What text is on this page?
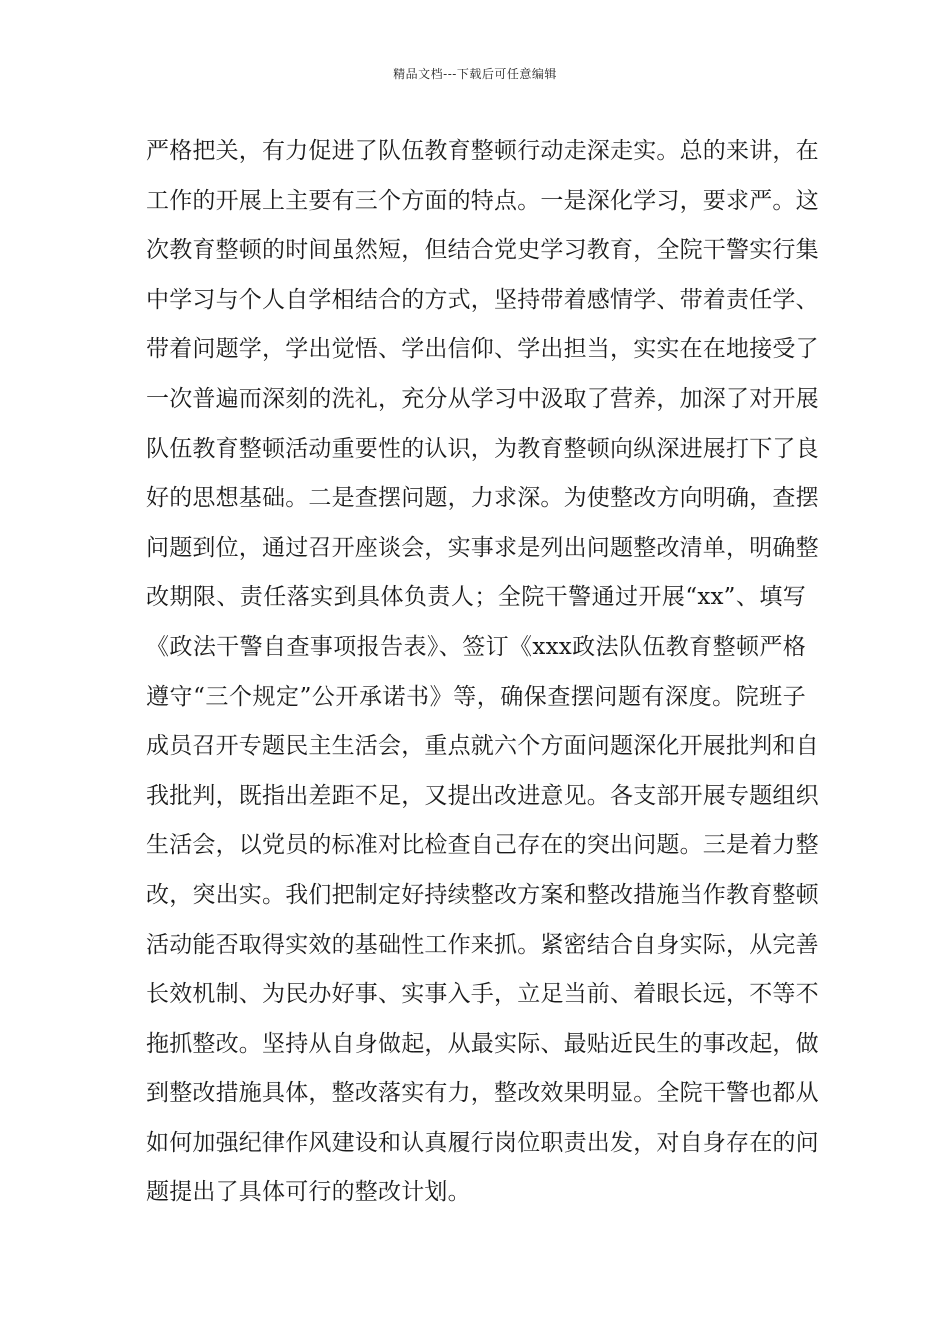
精品文档---下载后可任意编辑
严格把关，有力促进了队伍教育整顿行动走深走实。总的来讲，在
工作的开展上主要有三个方面的特点。一是深化学习，要求严。这
次教育整顿的时间虽然短，但结合党史学习教育，全院干警实行集
中学习与个人自学相结合的方式，坚持带着感情学、带着责任学、
带着问题学，学出觉悟、学出信仰、学出担当，实实在在地接受了
一次普遍而深刻的洗礼，充分从学习中汲取了营养，加深了对开展
队伍教育整顿活动重要性的认识，为教育整顿向纵深进展打下了良
好的思想基础。二是查摆问题，力求深。为使整改方向明确，查摆
问题到位，通过召开座谈会，实事求是列出问题整改清单，明确整
改期限、责任落实到具体负责人；全院干警通过开展“xx”、填写
《政法干警自查事项报告表》、签订《xxx政法队伍教育整顿严格
遵守“三个规定”公开承诺书》等，确保查摆问题有深度。院班子
成员召开专题民主生活会，重点就六个方面问题深化开展批判和自
我批判，既指出差距不足，又提出改进意见。各支部开展专题组织
生活会，以党员的标准对比检查自己存在的突出问题。三是着力整
改，突出实。我们把制定好持续整改方案和整改措施当作教育整顿
活动能否取得实效的基础性工作来抓。紧密结合自身实际，从完善
长效机制、为民办好事、实事入手，立足当前、着眼长远，不等不
拖抓整改。坚持从自身做起，从最实际、最贴近民生的事改起，做
到整改措施具体，整改落实有力，整改效果明显。全院干警也都从
如何加强纪律作风建设和认真履行岗位职责出发，对自身存在的问
题提出了具体可行的整改计划。
